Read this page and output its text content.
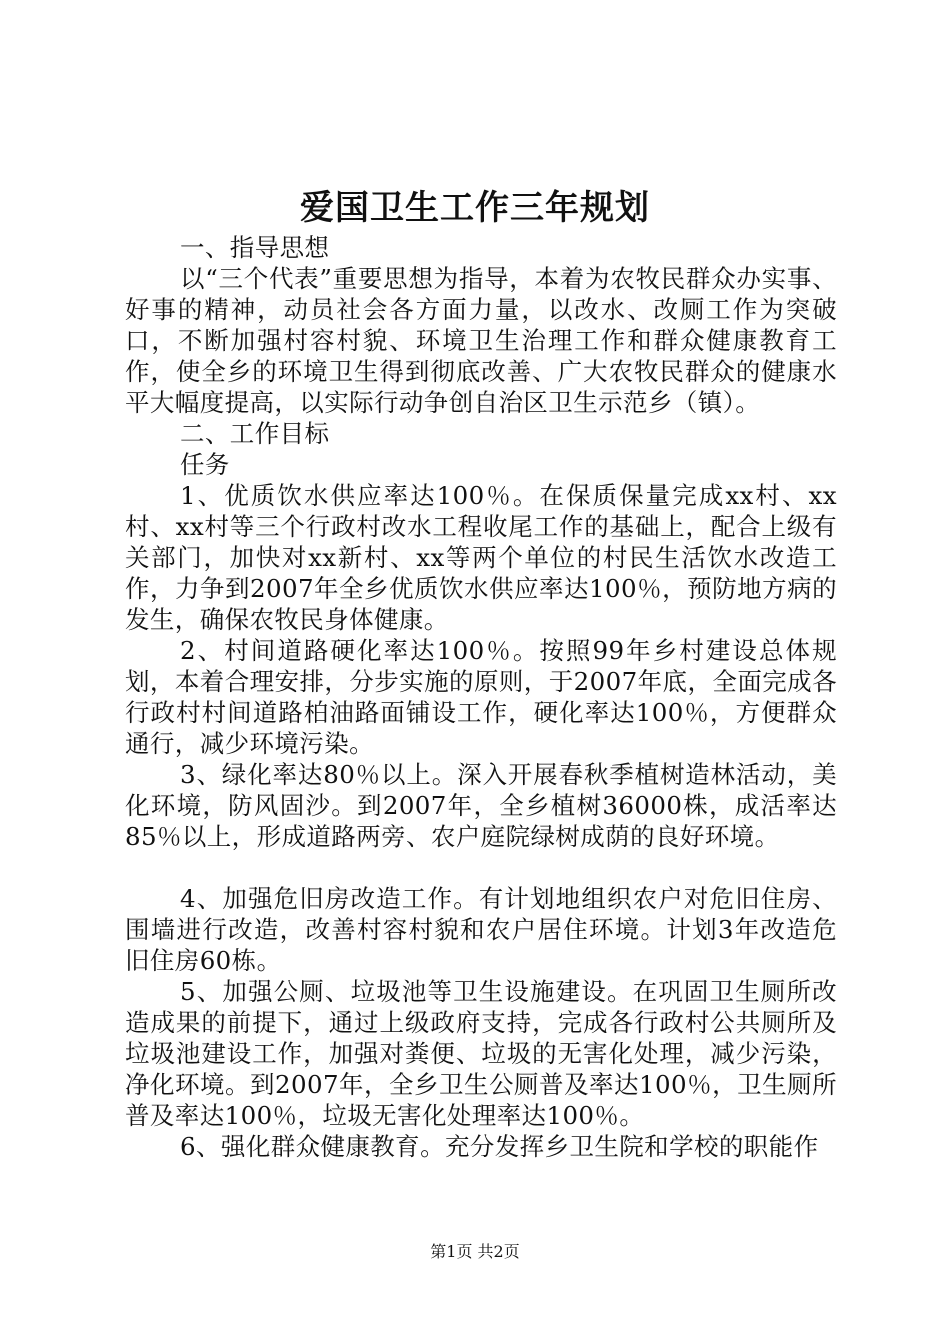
爱国卫生工作三年规划

一、指导思想

以“三个代表”重要思想为指导，本着为农牧民群众办实事、好事的精神，动员社会各方面力量，以改水、改厕工作为突破口，不断加强村容村貌、环境卫生治理工作和群众健康教育工作，使全乡的环境卫生得到彻底改善、广大农牧民群众的健康水平大幅度提高，以实际行动争创自治区卫生示范乡（镇）。

二、工作目标

任务

1、优质饮水供应率达100％。在保质保量完成xx村、xx村、xx村等三个行政村改水工程收尾工作的基础上，配合上级有关部门，加快对xx新村、xx等两个单位的村民生活饮水改造工作，力争到2007年全乡优质饮水供应率达100％，预防地方病的发生，确保农牧民身体健康。

2、村间道路硬化率达100％。按照99年乡村建设总体规划，本着合理安排，分步实施的原则，于2007年底，全面完成各行政村村间道路柏油路面铺设工作，硬化率达100％，方便群众通行，减少环境污染。

3、绿化率达80％以上。深入开展春秋季植树造林活动，美化环境，防风固沙。到2007年，全乡植树36000株，成活率达85％以上，形成道路两旁、农户庭院绿树成荫的良好环境。

4、加强危旧房改造工作。有计划地组织农户对危旧住房、围墙进行改造，改善村容村貌和农户居住环境。计划3年改造危旧住房60栋。

5、加强公厕、垃圾池等卫生设施建设。在巩固卫生厕所改造成果的前提下，通过上级政府支持，完成各行政村公共厕所及垃圾池建设工作，加强对粪便、垃圾的无害化处理，减少污染，净化环境。到2007年，全乡卫生公厕普及率达100％，卫生厕所普及率达100％，垃圾无害化处理率达100％。

6、强化群众健康教育。充分发挥乡卫生院和学校的职能作

第1页 共2页
